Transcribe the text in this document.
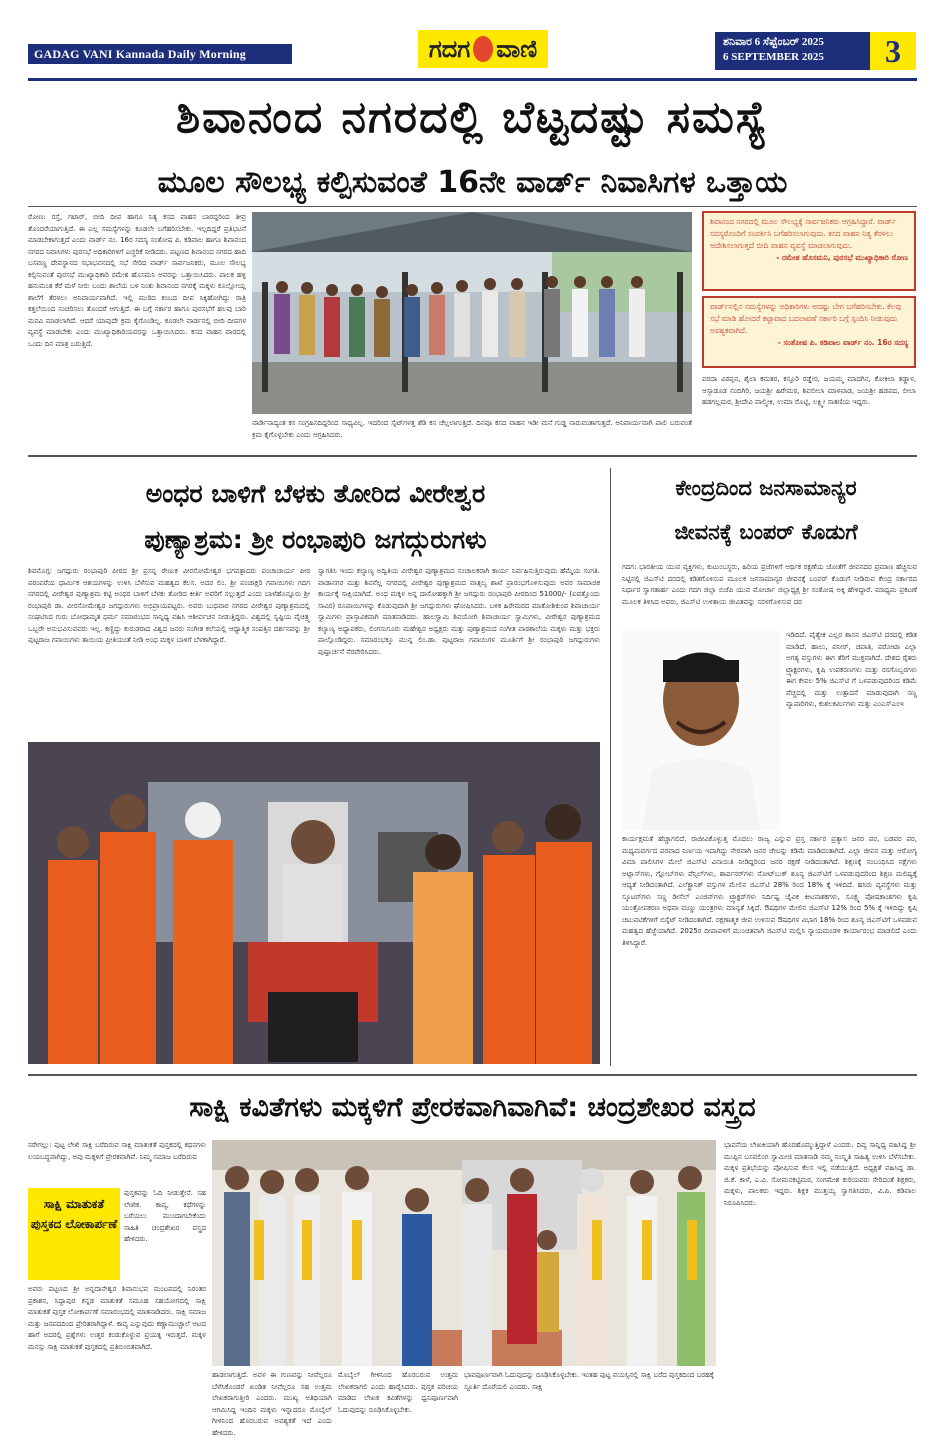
GADAG VANI Kannada Daily Morning	ಗದಗ ವಾಣಿ	ಶನಿವಾರ 6 ಸೆಪ್ಟೆಂಬರ್ 2025
6 SEPTEMBER 2025	3
ಶಿವಾನಂದ ನಗರದಲ್ಲಿ ಬೆಟ್ಟದಷ್ಟು ಸಮಸ್ಯೆ
ಮೂಲ ಸೌಲಭ್ಯ ಕಲ್ಪಿಸುವಂತೆ 16ನೇ ವಾರ್ಡ್ ನಿವಾಸಿಗಳ ಒತ್ತಾಯ
ರೋಣ: ರಸ್ತೆ, ಗಟಾರ್, ಬೀದಿ ದೀಪ ಹಾಗೂ ನಿತ್ಯ ಕಸದ ವಾಹನ ಬಾರದ್ದರಿಂದ ತೀವ್ರ ತೊಂದರೆಯಾಗುತ್ತಿದೆ. ಈ ಎಲ್ಲ ಸಮಸ್ಯೆಗಳನ್ನು ಕೂಡಲೇ ಬಗೆಹರಿಸಬೇಕು. ಇಲ್ಲದಿದ್ದರೆ ಪ್ರತಿಭಟನೆ ಮಾಡಬೇಕಾಗುತ್ತದೆ ಎಂದು ವಾರ್ಡ್ ನಂ. 16ರ ಸದಸ್ಯ ಸಂತೋಷ ಪಿ. ಕಡಿವಾಲ ಹಾಗೂ ಶಿವಾನಂದ ನಗರದ ನಿವಾಸಿಗಳು ಪುರಸಭೆ ಅಧಿಕಾರಿಗಳಿಗೆ ಎಚ್ಚರಿಕೆ ನೀಡಿದರು. ಪಟ್ಟಣದ ಶಿವಾನಂದ ನಗರದ ಹಾದಿ ಬಸವಣ್ಣ ದೇವಸ್ಥಾನದ ಸಭಾಭವನದಲ್ಲಿ ಸಭೆ ಸೇರಿದ ವಾರ್ಡ್ ಸಾರ್ವಜನಿಕರು, ಮೂಲ ಸೌಲಭ್ಯ ಕಲ್ಪಿಸುವಂತೆ ಪುರಸಭೆ ಮುಖ್ಯಾಧಿಕಾರಿ ರಮೇಶ ಹೊಸಮನಿ ಅವರನ್ನು ಒತ್ತಾಯಿಸಿದರು. ಪಾಲಕ ಹಳ್ಳಿ ಹನುಮಂತ ಕೆರೆ ಮಳೆ ನೀರು ಬಂದು ಶಾಲೆಯ ಬಳಿ ನಿಂತು ಶಿವಾನಂದ ನಗರಕ್ಕೆ ಮಕ್ಕಳು ಕೂಲ್ಲೋಯ್ಲ ಶಾಲೆಗೆ ತೆರಳಲು ಅನಿವಾರ್ಯವಾಗಿದೆ. ಇಲ್ಲಿ ಮುರಿದ ಕಂಬದ ದೀಪ ಸಿಕ್ಕಿಹೋಗಿದ್ದು ರಾತ್ರಿ ಕತ್ತಲೆಯಿಂದ ಸಂಚರಿಸಲು ತೊಂದರೆ ಆಗುತ್ತಿದೆ. ಈ ಬಗ್ಗೆ ಸರ್ಕಾರ ಹಾಗೂ ಪುರಸಭೆಗೆ ಹಲವು ಬಾರಿ ಮನವಿ ಮಾಡಲಾಗಿದೆ. ಆದರೆ ಯಾವುದೇ ಕ್ರಮ ಕೈಗೊಂಡಿಲ್ಲ. ಕೂಡಲೇ ವಾರ್ಡನಲ್ಲಿ ಬೀದಿ ದೀಪಗಳ ವ್ಯವಸ್ಥೆ ಮಾಡಬೇಕು ಎಂದು ಮುಖ್ಯಾಧಿಕಾರಿಯವರನ್ನು ಒತ್ತಾಯಿಸಿದರು. ಕಸದ ವಾಹನ ವಾರದಲ್ಲಿ ಒಂದು ದಿನ ಮಾತ್ರ ಬರುತ್ತಿದೆ.
ವಾರ್ಡಿನಾದ್ಯಂತ ಕಸ ಸಂಗ್ರಹಿಸದಿದ್ದರಿಂದ ಸಾಧ್ಯವಿಲ್ಲ. ಇದರಿಂದ ಸೈಟ್‌ಗಳತ್ತ ಶೆಡಿ ಕಸ ಚೆಲ್ಲಲಾಗುತ್ತಿದೆ. ದಿನವೂ ಕಸದ ವಾಹನ ಇಡೀ ಮನೆ ಗುಡ್ಡ ನಾರುವಂತಾಗುತ್ತದೆ. ಅನಿವಾರ್ಯವಾಗಿ ಪಾಲಿ ಬರುವಂತೆ ಕ್ರಮ ಕೈಗೊಳ್ಳಬೇಕು ಎಂದು ಆಗ್ರಹಿಸಿದರು.
ಶಿವಾನಂದ ನಗರದಲ್ಲಿ ಮೂಲ ಸೌಲಭ್ಯಕ್ಕೆ ಸಾರ್ವಜನಿಕರು ಆಗ್ರಹಿಸಿದ್ದಾರೆ. ವಾರ್ಡ್ ಸದಸ್ಯರೊಂದಿಗೆ ಸಂಪರ್ಕಿಸಿ ಬಗೆಹರಿಸಲಾಗುವುದು. ಕಸದ ವಾಹನ ನಿತ್ಯ ತೆರಳಲು ಆದೇಶಿಸಲಾಗುತ್ತದೆ ಬೀದಿ ವಾಹನ ವ್ಯವಸ್ಥೆ ಮಾಡಲಾಗುವುದು.
- ರಮೇಶ ಹೊಸಮನಿ, ಪುರಸಭೆ ಮುಖ್ಯಾಧಿಕಾರಿ ರೋಣ
ವಾರ್ಡ್‌ನಲ್ಲಿನ ಸಮಸ್ಯೆಗಳನ್ನು ಅಧಿಕಾರಿಗಳು ಆದಷ್ಟು ಬೇಗ ಬಗೆಹರಿಸಬೇಕು. ಕೆಲವು ಸಭೆ ಮಾಡಿ ಹೋದರೆ ಕಟ್ಟಾವಾದ ಬದಲಾವಣೆ ಸರ್ಕಾರಿ ಬಗ್ಗೆ ಸ್ಪಂದಿಸಿ ನೀಡುವುದು ಅವಶ್ಯಕವಾಗಿದೆ.
- ಸಂತೋಷ ಪಿ. ಕಡಿವಾಲ ವಾರ್ಡ್ ನಂ. 16ರ ಸದಸ್ಯ
ವರದಾ ವಿಠಪ್ಪನ, ಶೈಲಾ ಕಮತರ, ಕಸ್ತೂರಿ ರಡ್ಡೇರ, ಜಯಮ್ಮ ಮಾದಗಿನ, ಕೋಕಿಲಾ ತಡ್ಡಾಳ, ಆಸ್ಸಾಡೂಡ ನಂದಿಗಿರಿ, ಜಯಶ್ರೀ ಹಿರೇಮಠ, ಶಿವಲೀಲಾ ಮಾಳವಾಡ, ಜಯಶ್ರೀ ಹಡಪದ, ಲೀಲಾ ಹಡಗಲ್ಲಮಠ, ಶ್ರೀದೇವಿ ವಾಲ್ಮೀಕಿ, ಉಮಾ ರೊಟ್ಟಿ, ಲಕ್ಷ್ಮೀ ಸಾತಣಿಯ ಇದ್ದರು.
ಅಂಧರ ಬಾಳಿಗೆ ಬೆಳಕು ತೋರಿದ ವೀರೇಶ್ವರ
ಪುಣ್ಯಾಶ್ರಮ: ಶ್ರೀ ರಂಭಾಪುರಿ ಜಗದ್ಗುರುಗಳು
ಶಿವಮೊಗ್ಗ: ಜಗದ್ಗುರು ರಂಭಾಪುರಿ ಪೀಠದ ಶ್ರೀ ಪ್ರಸನ್ನ ರೇಣುಕ ವೀರಸೋಮೇಶ್ವರ ಭಗವತ್ಪಾದರು ಪಂಚಾಚಾರ್ಯ ಪೀಠ ಪರಂಪರೆಯ ಧಾರ್ಮಿಕ ಆಶಯಗಳನ್ನು ಉಳಿಸಿ ಬೆಳೆಸುವ ಮಹತ್ವದ ಕೆಲಸ. ಅದರ ಲಿಂ. ಶ್ರೀ ಪಂಚಾಕ್ಷರಿ ಗವಾಯಿಗಳು ಗದಗ ನಗರದಲ್ಲಿ ವೀರೇಶ್ವರ ಪುಣ್ಯಾಶ್ರಮ ಕಟ್ಟಿ ಅಂಧರ ಬಾಳಿಗೆ ಬೆಳಕು ತೋರಿದ ಕೀರ್ತಿ ಅವರಿಗೆ ಸಲ್ಲುತ್ತದೆ ಎಂದು ಬಾಳೆಹೊನ್ನೂರು ಶ್ರೀ ರಂಭಾಪುರಿ ಡಾ. ವೀರಸೋಮೇಶ್ವರ ಜಗದ್ಗುರುಗಳು ಅಭಿಪ್ರಾಯಪಟ್ಟರು. ಅವರು ಬುಧವಾರ ನಗರದ ವೀರೇಶ್ವರ ಪುಣ್ಯಾಶ್ರಮದಲ್ಲಿ ಸಂಘಟಿಸಿದ ಗುರು ಬೋಧಾಮೃತ ಧರ್ಮ ಸಮಾರಂಭದ ಸಾನ್ನಿಧ್ಯ ವಹಿಸಿ ಆಶೀರ್ವಚನ ನೀಡುತ್ತಿದ್ದರು. ವಿಶ್ವದಲ್ಲಿ ಸೃಷ್ಟಿಯ ವೈಚಿತ್ರ್ಯ ಒಬ್ಬರೇ ಅನುಭವಿಸುವವರು ಇಲ್ಲ. ಕಣ್ಣಿದ್ದು ಕುರುಡರಾದ ವಿಶ್ವದ ಜನರು ಸಂಗೀತ ಕಲೆಯಲ್ಲಿ ಆಧ್ಯಾತ್ಮಿಕ ಸಂಪತ್ತಿನ ದರ್ಶನವನ್ನು ಶ್ರೀ ಪುಟ್ಟರಾಜ ಗವಾಯಿಗಳು ತಾಯಿಯ ಪ್ರೀತಿಯಂತೆ ನೀಡಿ ಅಂಧ ಮಕ್ಕಳ ಬಾಳಿಗೆ ಬೆಳಕಾಗಿದ್ದಾರೆ.
ಸ್ವಾಗತಿಸಿ ಇಂದು ಕಲ್ಯಾಣ್ಯ ಅದ್ವಿತಿಯ ವೀರೇಶ್ವರ ಪುಣ್ಯಾಶ್ರಮದ ಸಂಚಾಲಕರಾಗಿ ಕಾರ್ಯ ನಿರ್ವಹಿಸುತ್ತಿರುವುದು ಹೆಮ್ಮೆಯ ಸಂಗತಿ. ವಾಡಾನಗರ ಮತ್ತು ಶಿವನೆಲ್ಲ ನಗರದಲ್ಲಿ ವೀರೇಶ್ವರ ಪುಣ್ಯಾಶ್ರಮದ ವಾತ್ಸಲ್ಯ ಶಾಖೆ ಪ್ರಾರಂಭಗೊಳಿಸುವುದು ಅವರ ಸಾಮಾಜಿಕ ಕಾರ್ಯಕ್ಕೆ ಸಾಕ್ಷಿಯಾಗಿದೆ. ಅಂಧ ಮಕ್ಕಳ ಅನ್ನ ದಾಸೋಹಕ್ಕಾಗಿ ಶ್ರೀ ಜಗದ್ಗುರು ರಂಭಾಪುರಿ ಪೀಠದಿಂದ 51000/- (ಐವತ್ತೊಂದು ಸಾವಿರ) ರೂಪಾಯಿಗಳನ್ನು ಕೊಡುವುದಾಗಿ ಶ್ರೀ ಜಗದ್ಗುರುಗಳು ಘೋಷಿಸಿದರು. ಬಳಿಕ ಹಿರೇಮಠದ ಮಾತೋಶಿಕುಂಪ ಶಿವಾಚಾರ್ಯ ಸ್ವಾಮಿಗಳು ಪ್ರಾಸ್ತಾವಿಕವಾಗಿ ಮಾತನಾಡಿದರು. ಹಾಲಸ್ವಾಮಿ ಶಿವಯೋಗಿ ಶಿವಾಚಾರ್ಯ ಸ್ವಾಮಿಗಳು, ವೀರೇಶ್ವರ ಪುಣ್ಯಾಶ್ರಮದ ಕಲ್ಯಾಣ್ಯ ಅಧ್ಯಾಪಕರು, ಲಿಂಗಸುಗೂರು ಮಹೇಶ್ವರ ಅಧ್ಯಕ್ಷರು ಮತ್ತು ಪುಣ್ಯಾಶ್ರಮದ ಸಂಗೀತ ಪಾಠಶಾಲೆಯ ಮಕ್ಕಳು ಮತ್ತು ಭಕ್ತರು ಪಾಲ್ಗೊಂಡಿದ್ದರು. ಸಮಾರಂಭಕ್ಕೂ ಮುನ್ನ ಲಿಂ.ಡಾ. ಪುಟ್ಟರಾಜ ಗವಾಯಿಗಳ ಮೂರ್ತಿಗೆ ಶ್ರೀ ರಂಭಾಪುರಿ ಜಗದ್ಗುರುಗಳು ಪುಷ್ಪಾರ್ಚನೆ ನೆರವೇರಿಸಿದರು.
ಕೇಂದ್ರದಿಂದ ಜನಸಾಮಾನ್ಯರ
ಜೀವನಕ್ಕೆ ಬಂಪರ್ ಕೊಡುಗೆ
ಗದಗ: ಭಾರತೀಯ ಯುವ ವ್ಯಕ್ತಿಗಳು, ಕುಟುಂಬಸ್ಥರು, ಹಿರಿಯ ಪ್ರಜೆಗಳಿಗೆ ಆರ್ಥಿಕ ರಕ್ಷಣೆಯ ಜೋತೆಗೆ ಜೀವನದರ ಪ್ರಮಾಣ ಹೆಚ್ಚಿಸುವ ನಿಟ್ಟಿನಲ್ಲಿ ಜಿಎಸ್‌ಟಿ ದರದಲ್ಲಿ ಕಡಿತಗೊಳಿಸುವ ಮೂಲಕ ಜನಸಾಮಾನ್ಯರ ಜೀವನಕ್ಕೆ ಬಂಪರ್ ಕೊಡುಗೆ ನೀಡಿರುವ ಕೇಂದ್ರ ಸರ್ಕಾರದ ನಿರ್ಧಾರ ಸ್ವಾಗತಾರ್ಹ ಎಂದು ಗದಗ ಜಿಲ್ಲಾ ಬಿಜೆಪಿ ಯುವ ಮೋರ್ಚಾ ಜಿಲ್ಲಾಧ್ಯಕ್ಷ ಶ್ರೀ ಸಂತೋಷ ಅಕ್ಕಿ ಹೇಳಿದ್ದಾರೆ. ಮಾಧ್ಯಮ ಪ್ರಕಟಣೆ ಮೂಲಕ ತಿಳಿಸಿದ ಅವರು, ಜಿಎಸ್‌ಟಿ ಉಳಿತಾಯ ಜೀವಿತವನ್ನು ಸರಳಗೊಳಿಸುವ ದರ
ಇಡಿದಿದೆ. ಪೈತ್ಯೇಕ ಎಲ್ಲರ ಶಾಸನ ಜಿಎಸ್‌ಟಿ ದರದಲ್ಲಿ ಕಡಿತ ಮಾಡಿದೆ. ಹಾಲು, ಪನೀರ್, ಚಪಾತಿ, ಪರೋಟಾ ಎಲ್ಲಾ ಅಗತ್ಯ ವಸ್ತುಗಳು ಈಗ ತೆರಿಗೆ ಮುಕ್ತವಾಗಿದೆ. ದೇಶದ ರೈತರು ಟ್ರ್ಯಾಕ್ಟರಗಳು, ಕೃಷಿ ಉಪಕರಣಗಳು ಮತ್ತು ರಸಗೊಬ್ಬರಗಳು ಈಗ ಕೇವಲ 5% ಜಿಎಸ್‌ಟಿ ಗೆ ಒಳಪಡುವುದರಿಂದ ಕಡಿಮೆ ವೆಚ್ಚದಲ್ಲಿ ಮತ್ತು ಉತ್ಪಾದನೆ ಮಾಡುವುದಾಗಿ ಸಣ್ಣ ವ್ಯಾಪಾರಿಗಳು, ಕುಶಲಕರ್ಮಿಗಳು ಮತ್ತು ಎಂಎಸ್ಎಂಇ
ಕಾರ್ಯಕ್ಷಮತೆ ಹೆಚ್ಚಾಗಲಿದೆ. ರಾಜೀವಿಕೊಳ್ಳುತ್ತ ಮೊದಲು ರಾಜ್ಯ ಎನ್ನುವ ಪ್ರಸ್ತ ಸರ್ಕಾರ ಪ್ರತ್ಯಾಸ ಜನರ ಪರ, ಬಡವರ ಪರ, ಮಧ್ಯಮವರ್ಗದ ಪರವಾದ ನಿರ್ಣಯ ಇದಾಗಿದ್ದು ನೇರವಾಗಿ ಜನರ ಜೇಬನ್ನು ಕಡಿಮೆ ಮಾಡಿದಂತಾಗಿದೆ. ಎಲ್ಲಾ ಜೀವನ ಮತ್ತು ಆರೋಗ್ಯ ವಿಮಾ ಪಾಲಿಸಿಗಳ ಮೇಲೆ ಜಿಎಸ್‌ಟಿ ವಿನಾಯಿತಿ ನೀಡಿದ್ದರಿಂದ ಜನರ ರಕ್ಷಣೆ ನೀಡಿದಂತಾಗಿದೆ. ಶಿಕ್ಷಣಕ್ಕೆ ಸಂಬಂಧಿಸಿದ ನಕ್ಷೆಗಳು ಅಟ್ಲಾಸ್‌ಗಳು, ಗ್ಲೋಬ್‌ಗಳು ಪೆನ್ಸಿಲ್‌ಗಳು, ಶಾರ್ಪನರ್‌ಗಳು ನೋಟ್‌ಬುಕ್ ಶೂನ್ಯ ಜಿಎಸ್‌ಟಿಗೆ ಒಳಪಡುವುದರಿಂದ ಶಿಕ್ಷಣ ಮಲಿಷ್ಯಕ್ಕೆ ಆದ್ಯತೆ ನೀಡಿದಂತಾಗಿದೆ. ಎಲೆಕ್ಟ್ರಾನಿಕ್ ವಸ್ತುಗಳ ಮೇಲಿನ ಜಿಎಸ್‌ಟಿ 28% ರಿಂದ 18% ಕ್ಕೆ ಇಳಿದಿದೆ. ಹಸಿರು ವ್ಯವಸ್ಥೆಗಳು ಮತ್ತು ಸ್ಕೂಟರ್‌ಗಳು ಸಣ್ಣ ಡೀಸೆಲ್ ಎಂಜಿನ್‌ಗಳು ಟ್ರ್ಯಾಕ್ಟರ್‌ಗಳು ನಿರ್ದಿಷ್ಟ ಜೈವಿಕ ಕೀಟನಾಶಕಗಳು, ಸೂಕ್ಷ್ಮ ಪೋಷಕಾಂಶಗಳು ಕೃಷಿ ಯಂತ್ರೋಪಕರಣ ಅಥವಾ ಮಣ್ಣು ಯಂತ್ರಗಳು ಮಾನ್ಯತೆ ಸಿಕ್ಕಿದೆ. ಔಷಧಿಗಳ ಮೇಲಿನ ಜಿಎಸ್‌ಟಿ 12% ರಿಂದ 5% ಕ್ಕೆ ಇಳಿದಿದ್ದು ಕೃಷಿ ಚಟುವಟಿಕೆಗಳಿಗೆ ಬಿಸ್ಕೆಟ್ ನೀಡಿದಂತಾಗಿದೆ. ರಕ್ಷಣಾತ್ಮಕ ಜೀವ ಉಳಿಸುವ ಔಷಧಿಗಳ ವಿಭಾಗ 18% ರಿಂದ ಶೂನ್ಯ ಜಿಎಸ್‌ಟಿಗೆ ಒಳಪಡುವ ಮಹತ್ವದ ಹೆಜ್ಜೆಯಾಗಿದೆ. 2025ರ ದೀಪಾವಳಿಗೆ ಮುಂಚಿತವಾಗಿ ಜಿಎಸ್‌ಟಿ ಮಲ್ಲಿಸಿ ನ್ಯಾಯಮಂಡಳಿ ಕಾರ್ಯಾರಂಭ ಮಾಡಲಿದೆ ಎಂದು ತಿಳಿಸಿದ್ದಾರೆ.
ಸಾಕ್ಷಿ ಕವಿತೆಗಳು ಮಕ್ಕಳಿಗೆ ಪ್ರೇರಕವಾಗಿವಾಗಿವೆ: ಚಂದ್ರಶೇಖರ ವಸ್ತ್ರದ
ನರೇಗಲ್ಲು: ಪುಟ್ಟ ಲೇಖಿ ಸಾಕ್ಷಿ ಬರೆದಿರುವ ಸಾಕ್ಷಿ ಮಾತುಕತೆ ಪುಸ್ತಕದಲ್ಲಿ ಕಥನಗಳು ಲಯಬದ್ಧವಾಗಿದ್ದು, ಅವು ಮಕ್ಕಳಿಗೆ ಪ್ರೇರಕವಾಗಿವೆ. ನಿಮ್ಮ ಸಮಾಜ ಬರೆದಿರುವ
ಸಾಕ್ಷಿ ಮಾತುಕತೆ ಪುಸ್ತಕದ ಲೋಕಾರ್ಪಣೆ
ಪುಸ್ತಕವನ್ನು ಓದಿ ನೀಡುತ್ತೇನೆ. ಸಹ ಲೇಖಿಕ. ಕಾವ್ಯ, ಕಥೆಗಳನ್ನು ಬರೆಯಲು ಮುಂದಾಗಬೇಕೆಂದು ಸಾಹಿತಿ ಚಂದ್ರಶೇಖರ ವಸ್ತ್ರದ ಹೇಳಿದರು.
ಅವರು ಪಟ್ಟಣದ ಶ್ರೀ ಅನ್ನದಾನೇಶ್ವರ ಶಿವಾನುಭವ ಮಂಟಪದಲ್ಲಿ ನಿರಂತರ ಪ್ರಕಾಶನ, ಸಿದ್ದಾಪುರ ಕನ್ನಡ ಮಾತುಕತೆ ಸಮೂಹ ಸಹಯೋಗದಲ್ಲಿ ಸಾಕ್ಷಿ ಮಾತುಕತೆ ಪುಸ್ತಕ ಲೋಕಾರ್ಪಣೆ ಸಮಾರಂಭದಲ್ಲಿ ಮಾತನಾಡಿದರು. ಸಾಕ್ಷಿ ಸಮಾಜ ಮತ್ತು ಜನಪದದಿಂದ ಪ್ರೇರಿತರಾಗಿದ್ದಾಳೆ. ಕಾವ್ಯ ಎನ್ನುವುದು ಕಣ್ಣಾಮುಚ್ಚಾಲೆ ಆಟದ ಹಾಗೆ ಅದರಲ್ಲಿ ಪ್ರಶ್ನೆಗಳು ಉತ್ತರ ಕಂಡುಕೊಳ್ಳುವ ಪ್ರಯತ್ನ ಇರುತ್ತದೆ. ಮಕ್ಕಳ ಮನಸ್ಸು ಸಾಕ್ಷಿ ಮಾತುಕತೆ ಪುಸ್ತಕದಲ್ಲಿ ಪ್ರತಿಬಿಂಬಿತವಾಗಿದೆ.
ಹಾಡಲಾಗುತ್ತಿದೆ. ಅವಳ ಈ ಗುಣವನ್ನು ನೀವೆಲ್ಲರೂ ಬೆಳೆಸಿಕೊಂಡರೆ ಖಂಡಿತ ನೀವೆಲ್ಲರೂ ಸಹ ಉತ್ತಮ ಲೇಖಕರಾಗುತ್ತೀರಿ ಎಂದರು. ಮುಖ್ಯ ಅತಿಥಿಯಾಗಿ ಆಗಮಿಸಿದ್ದ ಇಂದಿನ ಮಕ್ಕಳು ಇನ್ನಾದರೂ ಮೊಬೈಲ್ ಗೀಳಿನಿಂದ ಹೊರಬರುವ ಅವಶ್ಯಕತೆ ಇದೆ ಎಂದು ಹೇಳಿದರು.
ಮೊಬೈಲ್ ಗೀಳಿನಿಂದ ಹೊರಬರುವ ಉತ್ತಮ ಲೇಖಕರಾಗಲಿ ಎಂದು ಹಾರೈಸಿದರು. ಪುಸ್ತಕ ಪರಿಚಯ ಮಾಡಿದ ಲೇಖಕ ಕವಿತೆಗಳನ್ನು ಧ್ವನಿಪೂರ್ಣವಾಗಿ ಓದುವುದನ್ನು ರೂಢಿಸಿಕೊಳ್ಳಬೇಕು.
ಭಾವಪೂರ್ಣವಾಗಿ ಓದುವುದನ್ನು ರೂಢಿಸಿಕೊಳ್ಳಬೇಕು. ಇಂತಹ ಪುಟ್ಟ ವಯಸ್ಸಿನಲ್ಲಿ ಸಾಕ್ಷಿ ಬರೆದ ಪುಸ್ತಕದಿಂದ ಬರಹಕ್ಕೆ ಸ್ಫೂರ್ತಿ ದೊರೆಯಲಿ ಎಂದರು. ಸಾಕ್ಷಿ
ಭಾವನೆಯ ಲೇಖಕಿಯಾಗಿ ಹೊರಹೊಮ್ಮುತ್ತಿದ್ದಾಳೆ ಎಂದರು. ದಿವ್ಯ ಸಾನ್ನಿಧ್ಯ ವಹಿಸಿದ್ದ ಶ್ರೀ ಮುಪ್ಪಿನ ಬಸವಲಿಂಗ ಸ್ವಾಮೀಜಿ ಮಾತನಾಡಿ ನಮ್ಮ ಸಂಸ್ಕೃತಿ ಸಾಹಿತ್ಯ ಉಳಿಸಿ ಬೆಳೆಸಬೇಕು. ಮಕ್ಕಳ ಪ್ರತಿಭೆಯನ್ನು ಪೋಷಿಸುವ ಕೆಲಸ ಇಲ್ಲಿ ನಡೆಯುತ್ತಿದೆ. ಅಧ್ಯಕ್ಷತೆ ವಹಿಸಿದ್ದ ಡಾ. ಜಿ.ಕೆ. ಕಾಳೆ, ಎ.ವಿ. ಸೋಮನಕಟ್ಟಿಮಠ, ಸಂಗಮೇಶ ಕುರಿಯವರು ಸೇರಿದಂತೆ ಶಿಕ್ಷಕರು, ಮಕ್ಕಳು, ಪಾಲಕರು ಇದ್ದರು. ಶಿಕ್ಷಕ ಮುತ್ತಯ್ಯ ಸ್ವಾಗತಿಸಿದರು, ವಿ.ಪಿ. ಕಡಿವಾಲ ನಿರೂಪಿಸಿದರು.
